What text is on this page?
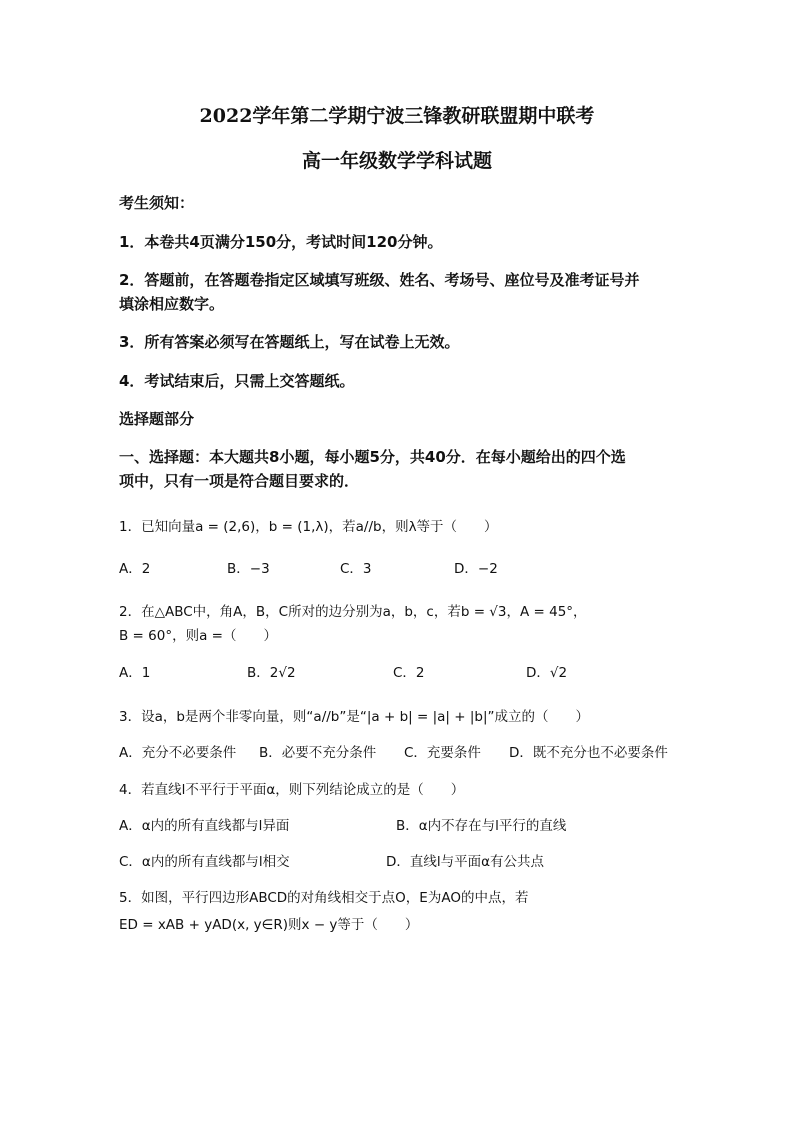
2022学年第二学期宁波三锋教研联盟期中联考
高一年级数学学科试题
考生须知：
1．本卷共4页满分150分，考试时间120分钟。
2．答题前，在答题卷指定区域填写班级、姓名、考场号、座位号及准考证号并
填涂相应数字。
3．所有答案必须写在答题纸上，写在试卷上无效。
4．考试结束后，只需上交答题纸。
选择题部分
一、选择题：本大题共8小题，每小题5分，共40分．在每小题给出的四个选
项中，只有一项是符合题目要求的．
1．已知向量a = (2,6)，b = (1,λ)，若a//b，则λ等于（　　）
A．2	B．−3	C．3	D．−2
2．在△ABC中，角A，B，C所对的边分别为a，b，c，若b = √3，A = 45°，
B = 60°，则a =（　　）
A．1	B．2√2	C．2	D．√2
3．设a，b是两个非零向量，则“a//b”是“|a + b| = |a| + |b|”成立的（　　）
A．充分不必要条件 B．必要不充分条件 C．充要条件 D．既不充分也不必要条件
4．若直线l不平行于平面α，则下列结论成立的是（　　）
A．α内的所有直线都与l异面	B．α内不存在与l平行的直线
C．α内的所有直线都与l相交	D．直线l与平面α有公共点
5．如图，平行四边形ABCD的对角线相交于点O，E为AO的中点，若
ED = xAB + yAD(x, y∈R)则x − y等于（　　）
